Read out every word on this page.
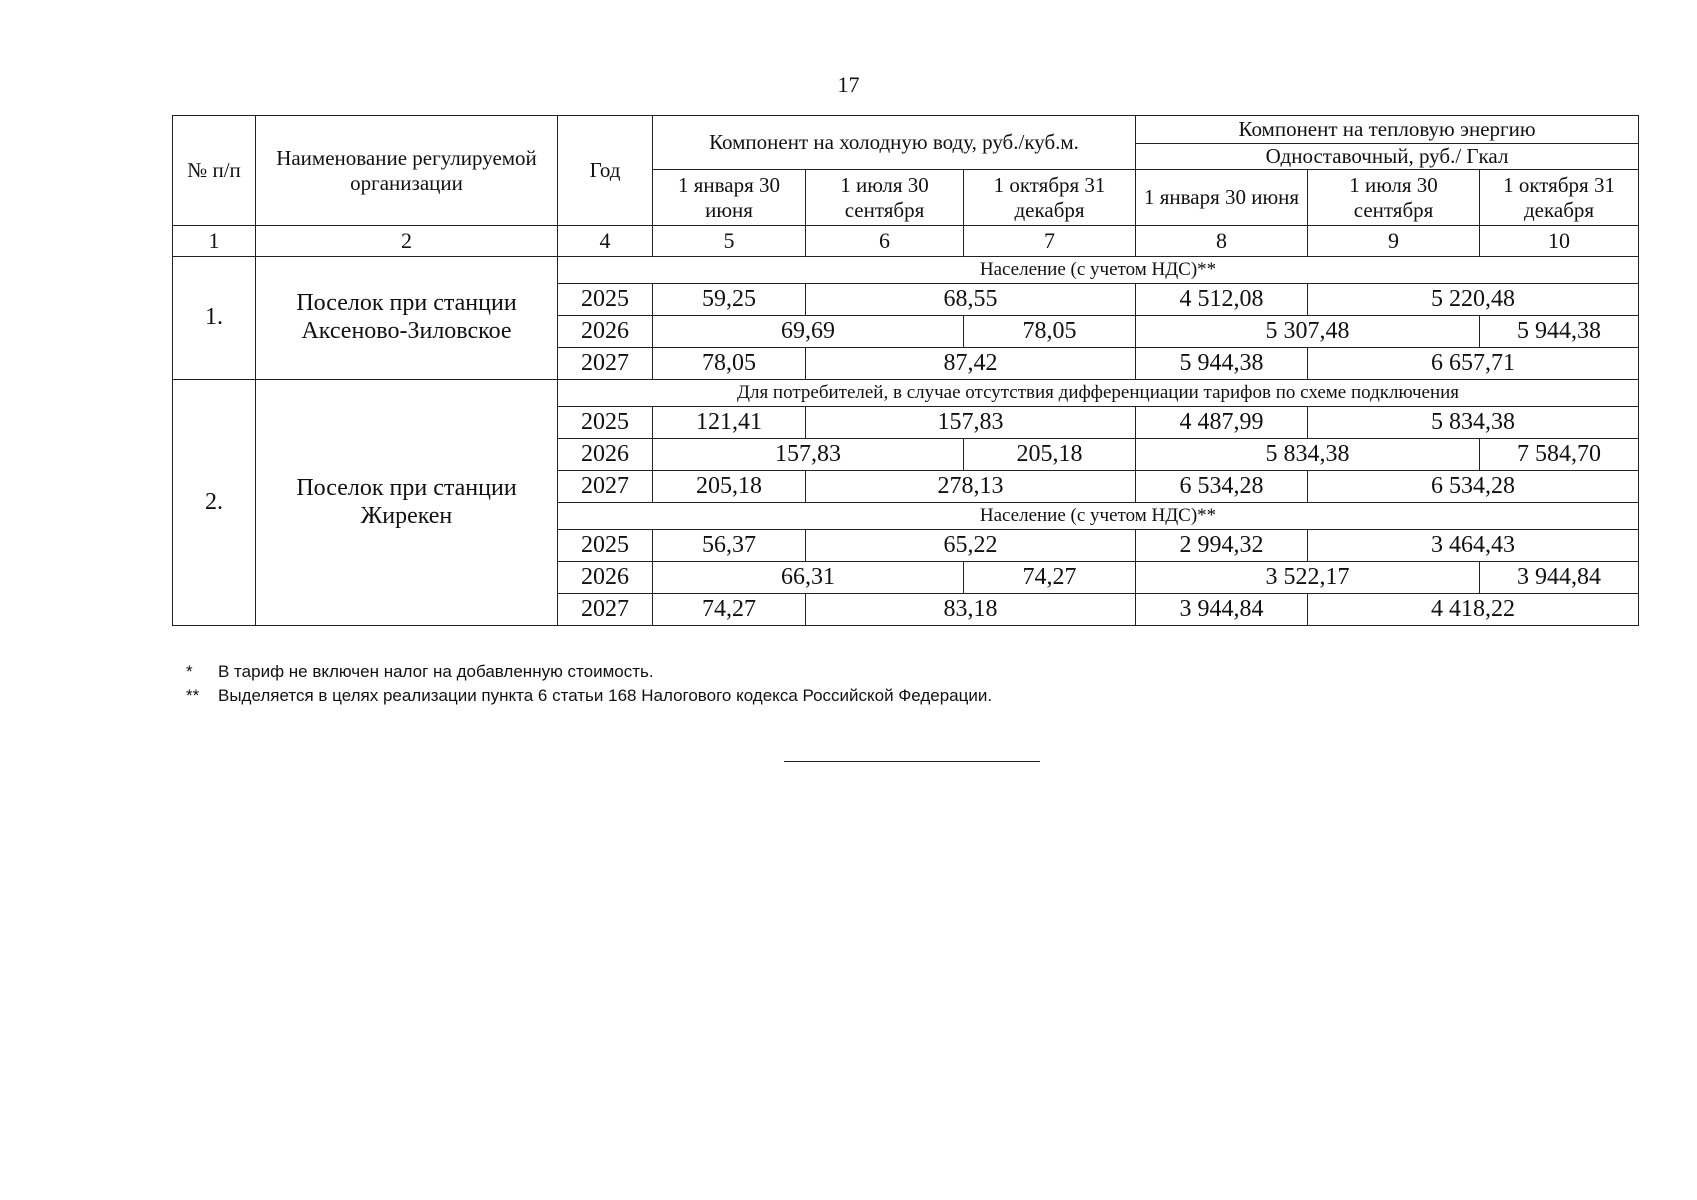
17
№ п/п	Наименование регулируемой организации	Год	Компонент на холодную воду, руб./куб.м.			Компонент на тепловую энергию		
						Одноставочный, руб./ Гкал		
			1 января 30 июня	1 июля 30 сентября	1 октября 31 декабря	1 января 30 июня	1 июля 30 сентября	1 октября 31 декабря
1	2	4	5	6	7	8	9	10
1.	Поселок при станции Аксеново-Зиловское	Население (с учетом НДС)**						
		2025	59,25	68,55		4 512,08	5 220,48	
		2026	69,69		78,05	5 307,48		5 944,38
		2027	78,05	87,42		5 944,38	6 657,71	
2.	Поселок при станции Жирекен	Для потребителей, в случае отсутствия дифференциации тарифов по схеме подключения						
		2025	121,41	157,83		4 487,99	5 834,38	
		2026	157,83		205,18	5 834,38		7 584,70
		2027	205,18	278,13		6 534,28	6 534,28	
		Население (с учетом НДС)**						
		2025	56,37	65,22		2 994,32	3 464,43	
		2026	66,31		74,27	3 522,17		3 944,84
		2027	74,27	83,18		3 944,84	4 418,22	
* В тариф не включен налог на добавленную стоимость.
** Выделяется в целях реализации пункта 6 статьи 168 Налогового кодекса Российской Федерации.
